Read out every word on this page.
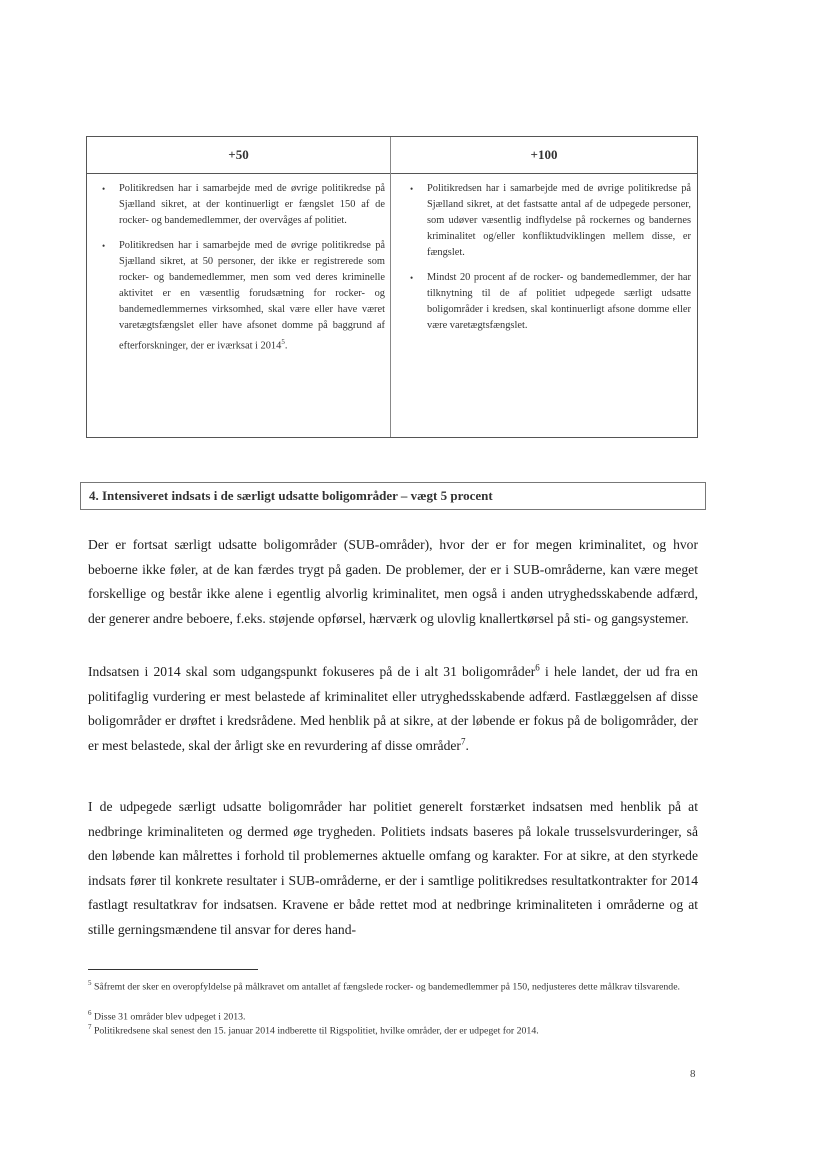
+50	+100
• Politikredsen har i samarbejde med de øvrige politikredse på Sjælland sikret, at der kontinuerligt er fængslet 150 af de rocker- og bandemedlemmer, der overvåges af politiet.
• Politikredsen har i samarbejde med de øvrige politikredse på Sjælland sikret, at 50 personer, der ikke er registrerede som rocker- og bandemedlemmer, men som ved deres kriminelle aktivitet er en væsentlig forudsætning for rocker- og bandemedlemmernes virksomhed, skal være eller have været varetægtsfængslet eller have afsonet domme på baggrund af efterforskninger, der er iværksat i 2014$^5$.
• Politikredsen har i samarbejde med de øvrige politikredse på Sjælland sikret, at det fastsatte antal af de udpegede personer, som udøver væsentlig indflydelse på rockernes og bandernes kriminalitet og/eller konfliktudviklingen mellem disse, er fængslet.
• Mindst 20 procent af de rocker- og bandemedlemmer, der har tilknytning til de af politiet udpegede særligt udsatte boligområder i kredsen, skal kontinuerligt afsone domme eller være varetægtsfængslet.
4. Intensiveret indsats i de særligt udsatte boligområder – vægt 5 procent
Der er fortsat særligt udsatte boligområder (SUB-områder), hvor der er for megen kriminalitet, og hvor beboerne ikke føler, at de kan færdes trygt på gaden. De problemer, der er i SUB-områderne, kan være meget forskellige og består ikke alene i egentlig alvorlig kriminalitet, men også i anden utryghedsskabende adfærd, der generer andre beboere, f.eks. støjende opførsel, hærværk og ulovlig knallertkørsel på sti- og gangsystemer.
Indsatsen i 2014 skal som udgangspunkt fokuseres på de i alt 31 boligområder$^6$ i hele landet, der ud fra en politifaglig vurdering er mest belastede af kriminalitet eller utryghedsskabende adfærd. Fastlæggelsen af disse boligområder er drøftet i kredsrådene. Med henblik på at sikre, at der løbende er fokus på de boligområder, der er mest belastede, skal der årligt ske en revurdering af disse områder$^7$.
I de udpegede særligt udsatte boligområder har politiet generelt forstærket indsatsen med henblik på at nedbringe kriminaliteten og dermed øge trygheden. Politiets indsats baseres på lokale trusselsvurderinger, så den løbende kan målrettes i forhold til problemernes aktuelle omfang og karakter. For at sikre, at den styrkede indsats fører til konkrete resultater i SUB-områderne, er der i samtlige politikredses resultatkontrakter for 2014 fastlagt resultatkrav for indsatsen. Kravene er både rettet mod at nedbringe kriminaliteten i områderne og at stille gerningsmændene til ansvar for deres hand-
$^5$ Såfremt der sker en overopfyldelse på målkravet om antallet af fængslede rocker- og bandemedlemmer på 150, nedjusteres dette målkrav tilsvarende.
$^6$ Disse 31 områder blev udpeget i 2013.
$^7$ Politikredsene skal senest den 15. januar 2014 indberette til Rigspolitiet, hvilke områder, der er udpeget for 2014.
8
